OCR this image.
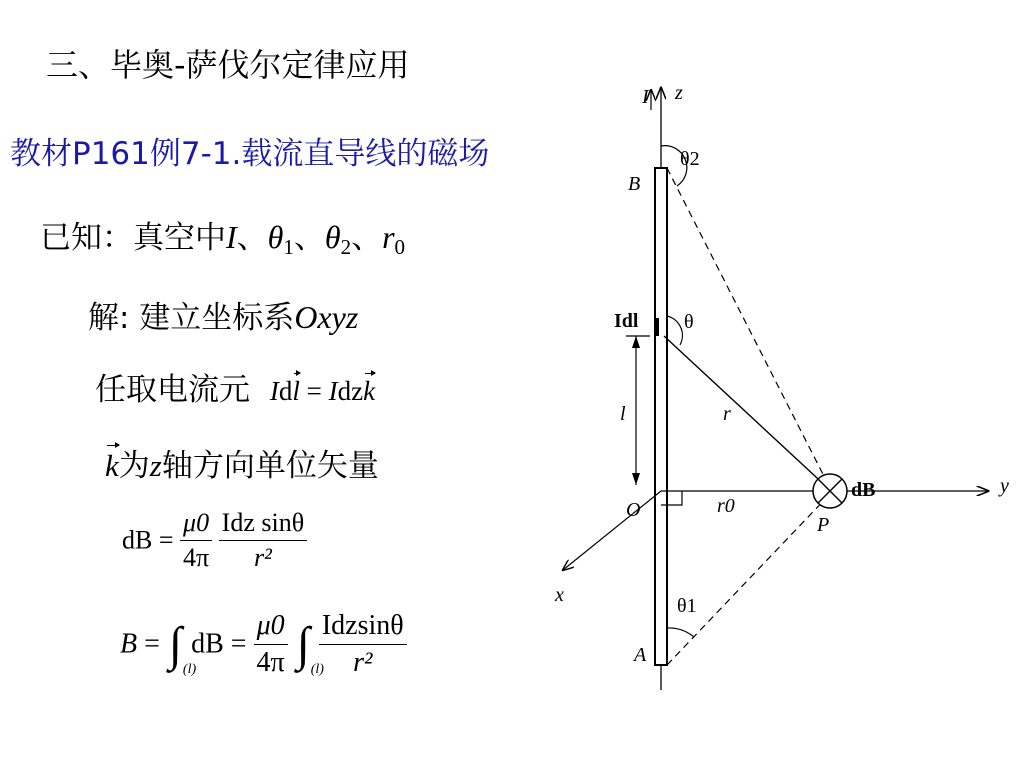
三、毕奥-萨伐尔定律应用
教材P161例7-1.载流直导线的磁场
已知：真空中I、$\theta_1$、$\theta_2$、$r_0$
解: 建立坐标系Oxyz
任取电流元 Idl = Idzk
k为z轴方向单位矢量
dB = $\frac{\mu 0}{4\pi}$
$\frac{\text{Idz sinθ}}{\text{r²}}$
B = ∫ (l)
dB = $\frac{\mu 0}{4\pi}$ ∫ (l)

$\frac{\text{Idzsinθ}}{\text{r²}}$
I z
B
θ2
Idl θ
l	r
O	r0
P
dB	y
x	θ1
A
